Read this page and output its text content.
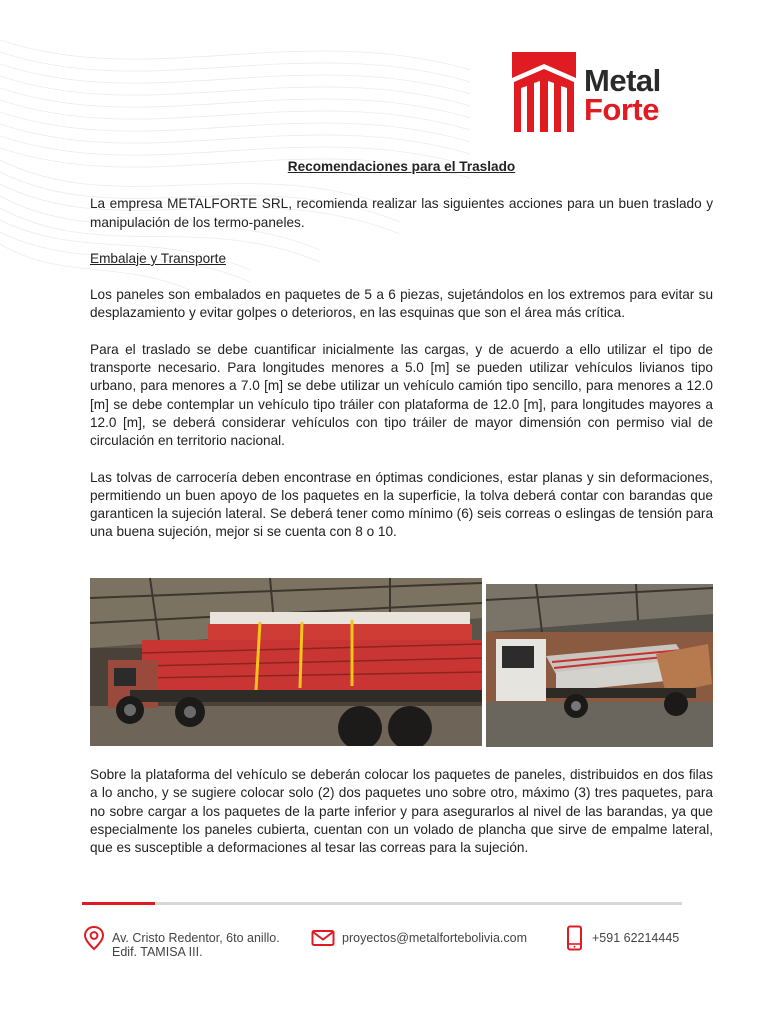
Metal
Forte
Recomendaciones para el Traslado
La empresa METALFORTE SRL, recomienda realizar las siguientes acciones para un buen traslado y manipulación de los termo-paneles.
Embalaje y Transporte
Los paneles son embalados en paquetes de 5 a 6 piezas, sujetándolos en los extremos para evitar su desplazamiento y evitar golpes o deterioros, en las esquinas que son el área más crítica.
Para el traslado se debe cuantificar inicialmente las cargas, y de acuerdo a ello utilizar el tipo de transporte necesario. Para longitudes menores a 5.0 [m] se pueden utilizar vehículos livianos tipo urbano, para menores a 7.0 [m] se debe utilizar un vehículo camión tipo sencillo, para menores a 12.0 [m] se debe contemplar un vehículo tipo tráiler con plataforma de 12.0 [m], para longitudes mayores a 12.0 [m], se deberá considerar vehículos con tipo tráiler de mayor dimensión con permiso vial de circulación en territorio nacional.
Las tolvas de carrocería deben encontrase en óptimas condiciones, estar planas y sin deformaciones, permitiendo un buen apoyo de los paquetes en la superficie, la tolva deberá contar con barandas que garanticen la sujeción lateral. Se deberá tener como mínimo (6) seis correas o eslingas de tensión para una buena sujeción, mejor si se cuenta con 8 o 10.
Sobre la plataforma del vehículo se deberán colocar los paquetes de paneles, distribuidos en dos filas a lo ancho, y se sugiere colocar solo (2) dos paquetes uno sobre otro, máximo (3) tres paquetes, para no sobre cargar a los paquetes de la parte inferior y para asegurarlos al nivel de las barandas, ya que especialmente los paneles cubierta, cuentan con un volado de plancha que sirve de empalme lateral, que es susceptible a deformaciones al tesar las correas para la sujeción.
Av. Cristo Redentor, 6to anillo.
Edif. TAMISA III.
proyectos@metalfortebolivia.com	+591 62214445
